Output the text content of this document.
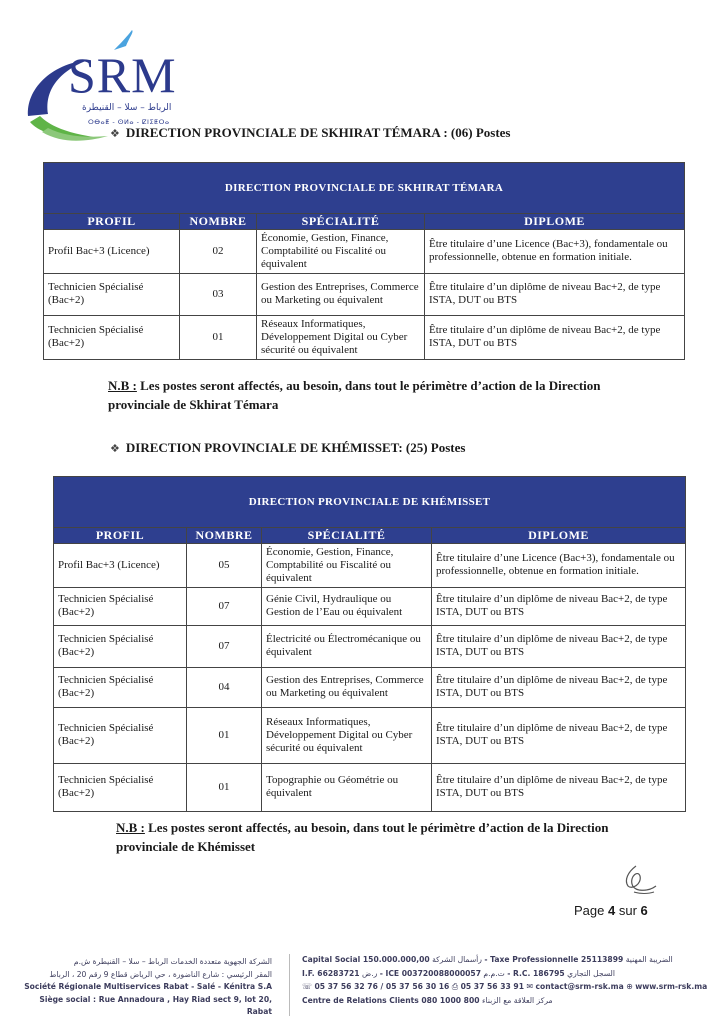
SRM
الرباط – سلا – القنيطرة
ⵔⴱⴰⵟ - ⵙⵍⴰ - ⵇⵏⵉⵟⵔⴰ
❖ DIRECTION PROVINCIALE DE SKHIRAT TÉMARA : (06) Postes
DIRECTION PROVINCIALE DE SKHIRAT TÉMARA			
PROFIL	NOMBRE	SPÉCIALITÉ	DIPLOME
Profil Bac+3 (Licence)	02	Économie, Gestion, Finance, Comptabilité ou Fiscalité ou équivalent	Être titulaire d’une Licence (Bac+3), fondamentale ou professionnelle, obtenue en formation initiale.
Technicien Spécialisé (Bac+2)	03	Gestion des Entreprises, Commerce ou Marketing ou équivalent	Être titulaire d’un diplôme de niveau Bac+2, de type ISTA, DUT ou BTS
Technicien Spécialisé (Bac+2)	01	Réseaux Informatiques, Développement Digital ou Cyber sécurité ou équivalent	Être titulaire d’un diplôme de niveau Bac+2, de type ISTA, DUT ou BTS
N.B : Les postes seront affectés, au besoin, dans tout le périmètre d’action de la Direction provinciale de Skhirat Témara
❖ DIRECTION PROVINCIALE DE KHÉMISSET: (25) Postes
DIRECTION PROVINCIALE DE KHÉMISSET			
PROFIL	NOMBRE	SPÉCIALITÉ	DIPLOME
Profil Bac+3 (Licence)	05	Économie, Gestion, Finance, Comptabilité ou Fiscalité ou équivalent	Être titulaire d’une Licence (Bac+3), fondamentale ou professionnelle, obtenue en formation initiale.
Technicien Spécialisé (Bac+2)	07	Génie Civil, Hydraulique ou Gestion de l’Eau ou équivalent	Être titulaire d’un diplôme de niveau Bac+2, de type ISTA, DUT ou BTS
Technicien Spécialisé (Bac+2)	07	Électricité ou Électromécanique ou équivalent	Être titulaire d’un diplôme de niveau Bac+2, de type ISTA, DUT ou BTS
Technicien Spécialisé (Bac+2)	04	Gestion des Entreprises, Commerce ou Marketing ou équivalent	Être titulaire d’un diplôme de niveau Bac+2, de type ISTA, DUT ou BTS
Technicien Spécialisé (Bac+2)	01	Réseaux Informatiques, Développement Digital ou Cyber sécurité ou équivalent	Être titulaire d’un diplôme de niveau Bac+2, de type ISTA, DUT ou BTS
Technicien Spécialisé (Bac+2)	01	Topographie ou Géométrie ou équivalent	Être titulaire d’un diplôme de niveau Bac+2, de type ISTA, DUT ou BTS
N.B : Les postes seront affectés, au besoin, dans tout le périmètre d’action de la Direction provinciale de Khémisset
Page 4 sur 6
الشركة الجهوية متعددة الخدمات الرباط – سلا – القنيطرة ش.م
المقر الرئيسي : شارع الناضورة ، حي الرياض قطاع 9 رقم 20 ، الرباط
Société Régionale Multiservices Rabat - Salé - Kénitra S.A
Siège social : Rue Annadoura , Hay Riad sect 9, lot 20, Rabat
Capital Social 150.000.000,00 رأسمال الشركة - Taxe Professionnelle 25113899 الضريبة المهنية
I.F. 66283721 ر.ض - ICE 003720088000057 ت.م.م - R.C. 186795 السجل التجاري
☏ 05 37 56 32 76 / 05 37 56 30 16 ⎙ 05 37 56 33 91 ✉ contact@srm-rsk.ma ⊕ www.srm-rsk.ma
Centre de Relations Clients 080 1000 800 مركز العلاقة مع الزبناء
